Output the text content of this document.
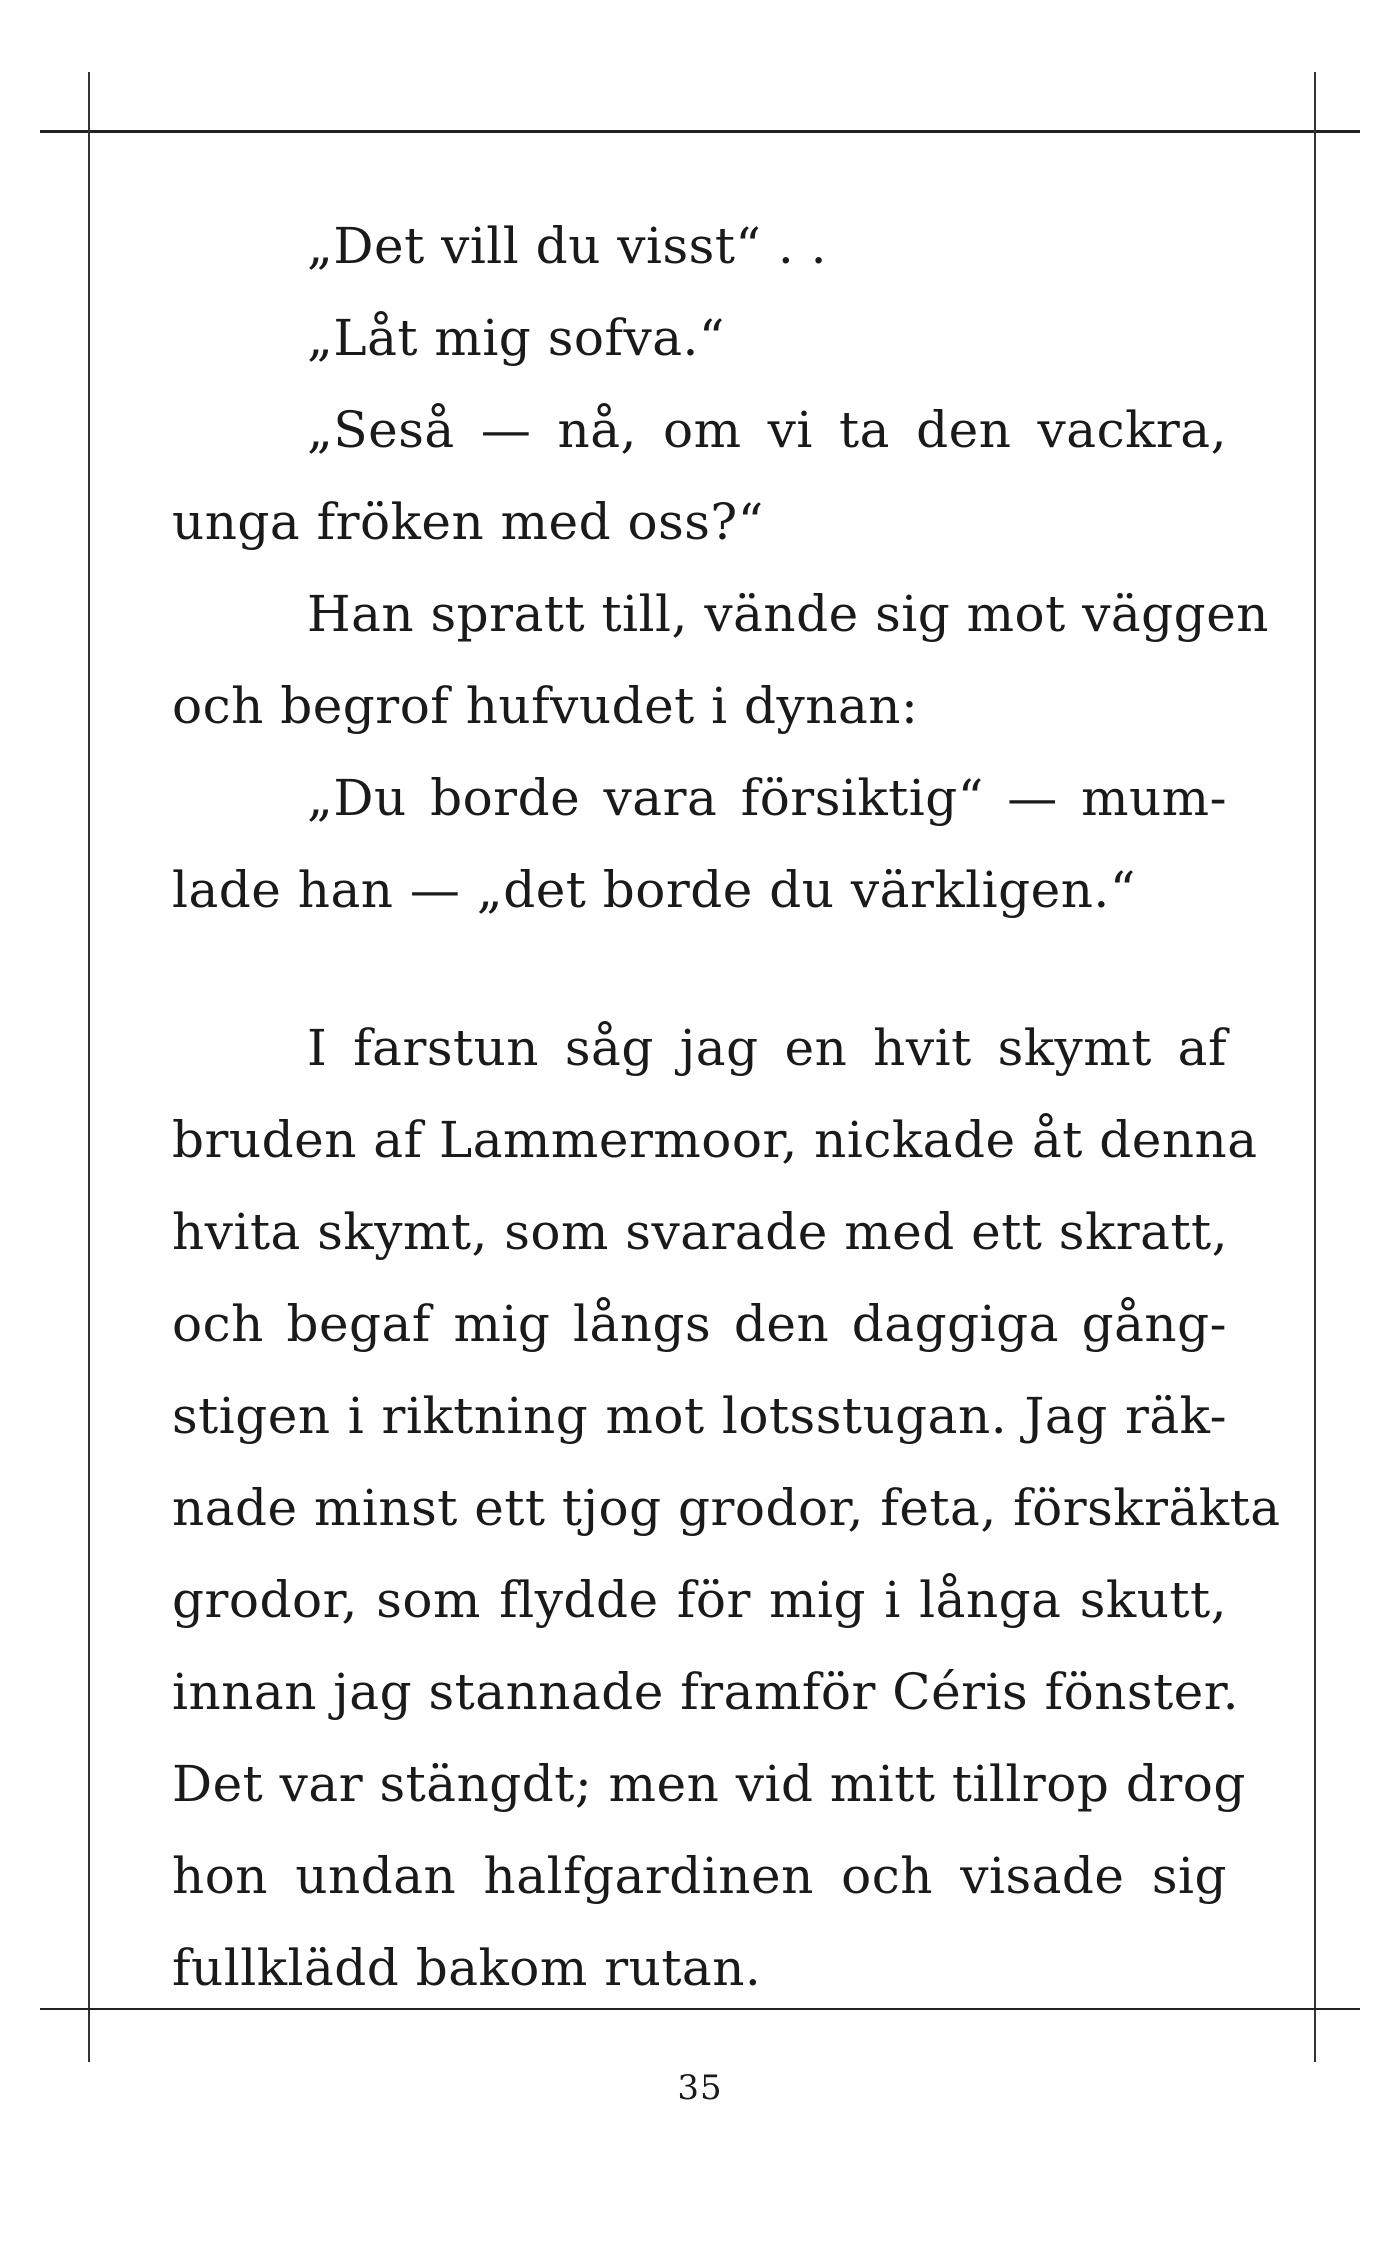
„Det vill du visst“ . .
„Låt mig sofva.“
„Seså — nå, om vi ta den vackra,
unga fröken med oss?“
Han spratt till, vände sig mot väggen
och begrof hufvudet i dynan:
„Du borde vara försiktig“ — mum-
lade han — „det borde du värkligen.“
I farstun såg jag en hvit skymt af
bruden af Lammermoor, nickade åt denna
hvita skymt, som svarade med ett skratt,
och begaf mig långs den daggiga gång-
stigen i riktning mot lotsstugan. Jag räk-
nade minst ett tjog grodor, feta, förskräkta
grodor, som flydde för mig i långa skutt,
innan jag stannade framför Céris fönster.
Det var stängdt; men vid mitt tillrop drog
hon undan halfgardinen och visade sig
fullklädd bakom rutan.
35
